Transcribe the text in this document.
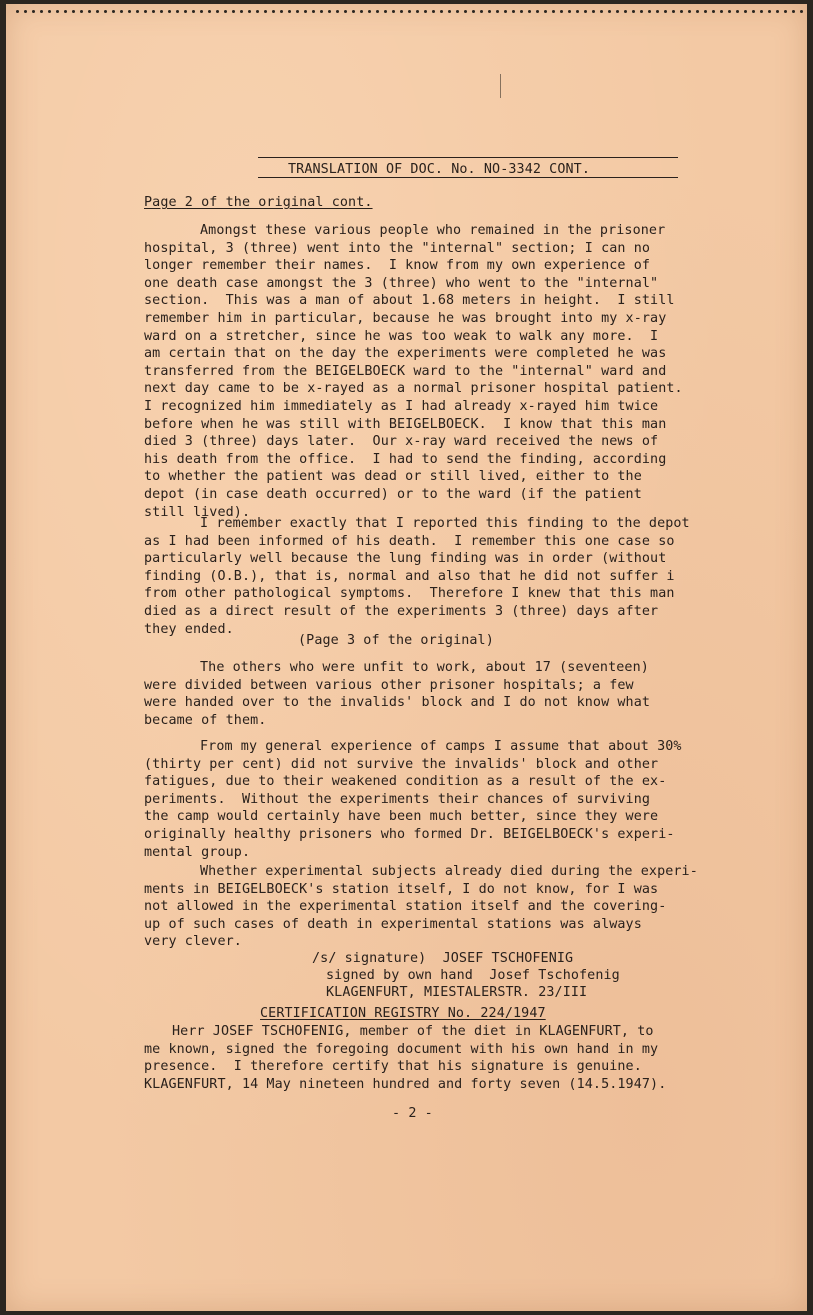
TRANSLATION OF DOC. No. NO-3342 CONT.
Page 2 of the original cont.
Amongst these various people who remained in the prisoner
hospital, 3 (three) went into the "internal" section; I can no
longer remember their names.  I know from my own experience of
one death case amongst the 3 (three) who went to the "internal"
section.  This was a man of about 1.68 meters in height.  I still
remember him in particular, because he was brought into my x-ray
ward on a stretcher, since he was too weak to walk any more.  I
am certain that on the day the experiments were completed he was
transferred from the BEIGELBOECK ward to the "internal" ward and
next day came to be x-rayed as a normal prisoner hospital patient.
I recognized him immediately as I had already x-rayed him twice
before when he was still with BEIGELBOECK.  I know that this man
died 3 (three) days later.  Our x-ray ward received the news of
his death from the office.  I had to send the finding, according
to whether the patient was dead or still lived, either to the
depot (in case death occurred) or to the ward (if the patient
still lived).
I remember exactly that I reported this finding to the depot
as I had been informed of his death.  I remember this one case so
particularly well because the lung finding was in order (without
finding (O.B.), that is, normal and also that he did not suffer i
from other pathological symptoms.  Therefore I knew that this man
died as a direct result of the experiments 3 (three) days after
they ended.
(Page 3 of the original)
The others who were unfit to work, about 17 (seventeen)
were divided between various other prisoner hospitals; a few
were handed over to the invalids' block and I do not know what
became of them.
From my general experience of camps I assume that about 30%
(thirty per cent) did not survive the invalids' block and other
fatigues, due to their weakened condition as a result of the ex-
periments.  Without the experiments their chances of surviving
the camp would certainly have been much better, since they were
originally healthy prisoners who formed Dr. BEIGELBOECK's experi-
mental group.
Whether experimental subjects already died during the experi-
ments in BEIGELBOECK's station itself, I do not know, for I was
not allowed in the experimental station itself and the covering-
up of such cases of death in experimental stations was always
very clever.
/s/ signature)  JOSEF TSCHOFENIG
signed by own hand  Josef Tschofenig
KLAGENFURT, MIESTALERSTR. 23/III
CERTIFICATION REGISTRY No. 224/1947
Herr JOSEF TSCHOFENIG, member of the diet in KLAGENFURT, to
me known, signed the foregoing document with his own hand in my
presence.  I therefore certify that his signature is genuine.
KLAGENFURT, 14 May nineteen hundred and forty seven (14.5.1947).
- 2 -
